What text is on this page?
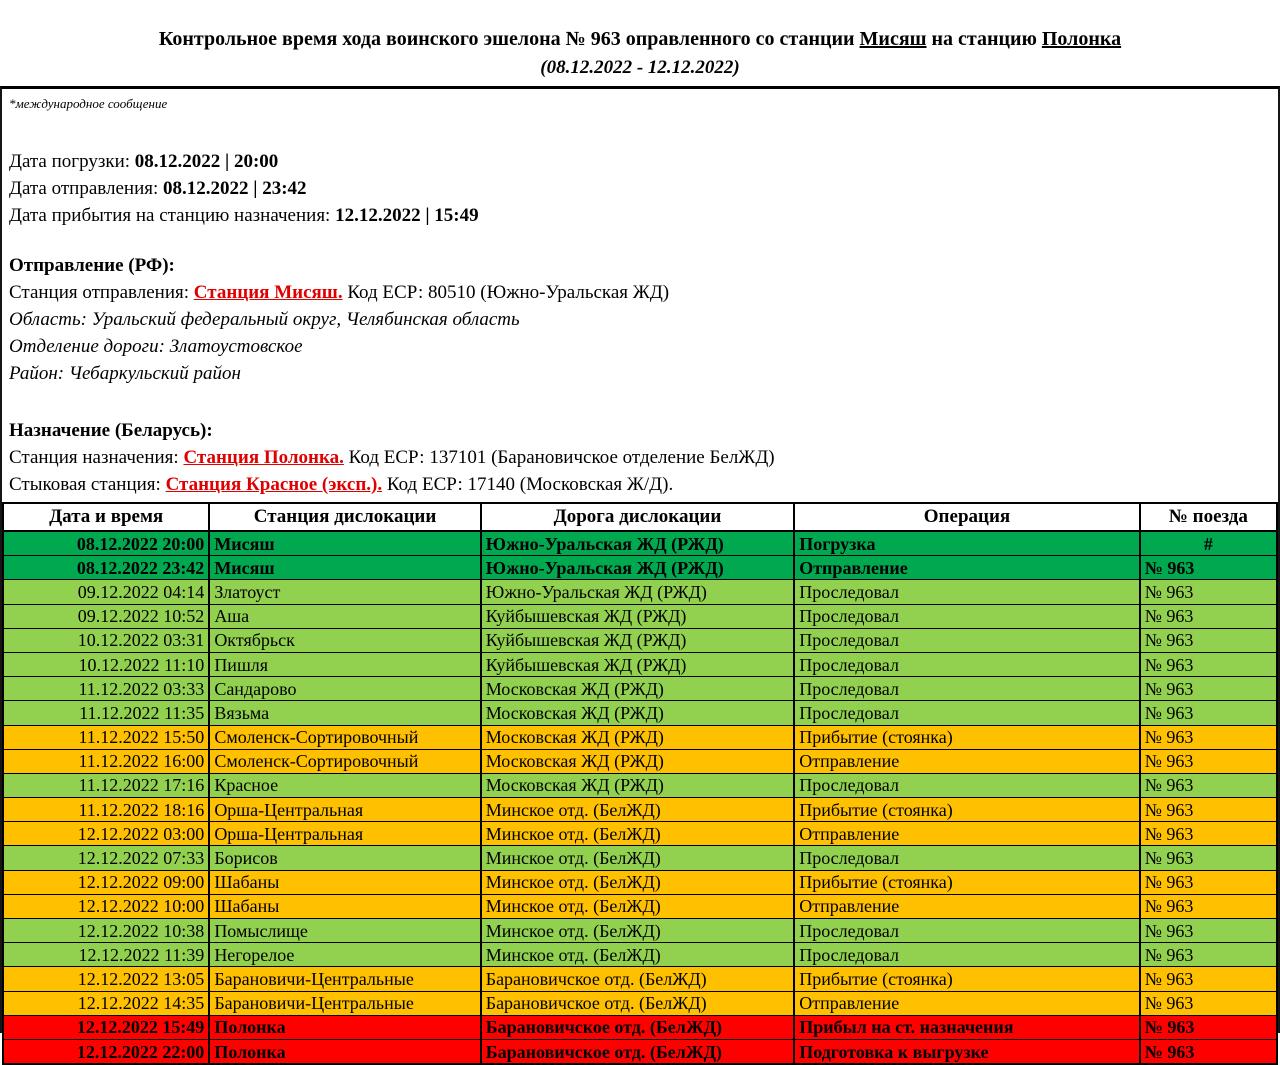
Контрольное время хода воинского эшелона № 963 оправленного со станции Мисяш на станцию Полонка
(08.12.2022 - 12.12.2022)
*международное сообщение
Дата погрузки: 08.12.2022 | 20:00
Дата отправления: 08.12.2022 | 23:42
Дата прибытия на станцию назначения: 12.12.2022 | 15:49
Отправление (РФ):
Станция отправления: Станция Мисяш. Код ЕСР: 80510 (Южно-Уральская ЖД)
Область: Уральский федеральный округ, Челябинская область
Отделение дороги: Златоустовское
Район: Чебаркульский район
Назначение (Беларусь):
Станция назначения: Станция Полонка. Код ЕСР: 137101 (Барановичское отделение БелЖД)
Стыковая станция: Станция Красное (эксп.). Код ЕСР: 17140 (Московская Ж/Д).
Дата и время	Станция дислокации	Дорога дислокации	Операция	№ поезда
08.12.2022 20:00	Мисяш	Южно-Уральская ЖД (РЖД)	Погрузка	#
08.12.2022 23:42	Мисяш	Южно-Уральская ЖД (РЖД)	Отправление	№ 963
09.12.2022 04:14	Златоуст	Южно-Уральская ЖД (РЖД)	Проследовал	№ 963
09.12.2022 10:52	Аша	Куйбышевская ЖД (РЖД)	Проследовал	№ 963
10.12.2022 03:31	Октябрьск	Куйбышевская ЖД (РЖД)	Проследовал	№ 963
10.12.2022 11:10	Пишля	Куйбышевская ЖД (РЖД)	Проследовал	№ 963
11.12.2022 03:33	Сандарово	Московская ЖД (РЖД)	Проследовал	№ 963
11.12.2022 11:35	Вязьма	Московская ЖД (РЖД)	Проследовал	№ 963
11.12.2022 15:50	Смоленск-Сортировочный	Московская ЖД (РЖД)	Прибытие (стоянка)	№ 963
11.12.2022 16:00	Смоленск-Сортировочный	Московская ЖД (РЖД)	Отправление	№ 963
11.12.2022 17:16	Красное	Московская ЖД (РЖД)	Проследовал	№ 963
11.12.2022 18:16	Орша-Центральная	Минское отд. (БелЖД)	Прибытие (стоянка)	№ 963
12.12.2022 03:00	Орша-Центральная	Минское отд. (БелЖД)	Отправление	№ 963
12.12.2022 07:33	Борисов	Минское отд. (БелЖД)	Проследовал	№ 963
12.12.2022 09:00	Шабаны	Минское отд. (БелЖД)	Прибытие (стоянка)	№ 963
12.12.2022 10:00	Шабаны	Минское отд. (БелЖД)	Отправление	№ 963
12.12.2022 10:38	Помыслище	Минское отд. (БелЖД)	Проследовал	№ 963
12.12.2022 11:39	Негорелое	Минское отд. (БелЖД)	Проследовал	№ 963
12.12.2022 13:05	Барановичи-Центральные	Барановичское отд. (БелЖД)	Прибытие (стоянка)	№ 963
12.12.2022 14:35	Барановичи-Центральные	Барановичское отд. (БелЖД)	Отправление	№ 963
12.12.2022 15:49	Полонка	Барановичское отд. (БелЖД)	Прибыл на ст. назначения	№ 963
12.12.2022 22:00	Полонка	Барановичское отд. (БелЖД)	Подготовка к выгрузке	№ 963
